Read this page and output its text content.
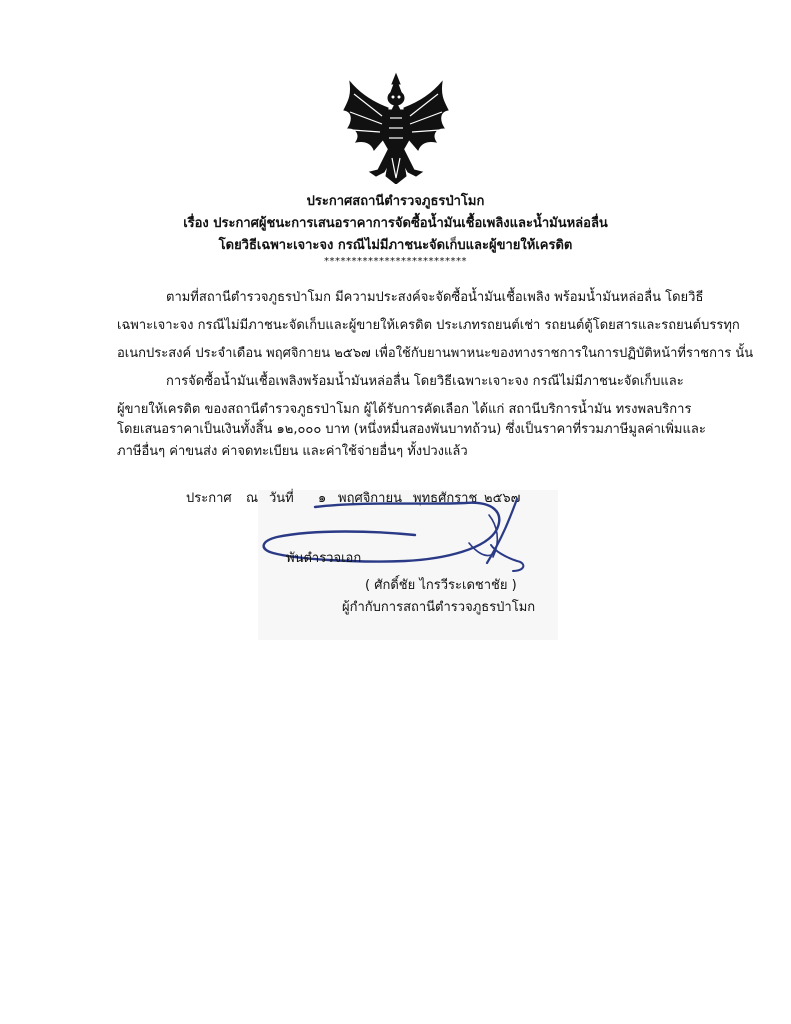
ประกาศสถานีตำรวจภูธรป่าโมก
เรื่อง ประกาศผู้ชนะการเสนอราคาการจัดซื้อน้ำมันเชื้อเพลิงและน้ำมันหล่อลื่น
โดยวิธีเฉพาะเจาะจง กรณีไม่มีภาชนะจัดเก็บและผู้ขายให้เครดิต
**************************
ตามที่สถานีตำรวจภูธรป่าโมก มีความประสงค์จะจัดซื้อน้ำมันเชื้อเพลิง พร้อมน้ำมันหล่อลื่น โดยวิธี
เฉพาะเจาะจง กรณีไม่มีภาชนะจัดเก็บและผู้ขายให้เครดิต ประเภทรถยนต์เช่า รถยนต์ตู้โดยสารและรถยนต์บรรทุก
อเนกประสงค์ ประจำเดือน พฤศจิกายน ๒๕๖๗ เพื่อใช้กับยานพาหนะของทางราชการในการปฏิบัติหน้าที่ราชการ นั้น
การจัดซื้อน้ำมันเชื้อเพลิงพร้อมน้ำมันหล่อลื่น โดยวิธีเฉพาะเจาะจง กรณีไม่มีภาชนะจัดเก็บและ
ผู้ขายให้เครดิต ของสถานีตำรวจภูธรป่าโมก ผู้ได้รับการคัดเลือก ได้แก่ สถานีบริการน้ำมัน ทรงพลบริการ
โดยเสนอราคาเป็นเงินทั้งสิ้น ๑๒,๐๐๐ บาท (หนึ่งหมื่นสองพันบาทถ้วน) ซึ่งเป็นราคาที่รวมภาษีมูลค่าเพิ่มและ
ภาษีอื่นๆ ค่าขนส่ง ค่าจดทะเบียน และค่าใช้จ่ายอื่นๆ ทั้งปวงแล้ว
ประกาศ ณ วันที่ ๑ พฤศจิกายน พุทธศักราช ๒๕๖๗
พันตำรวจเอก
( ศักดิ์ชัย ไกรวีระเดชาชัย )
ผู้กำกับการสถานีตำรวจภูธรป่าโมก
